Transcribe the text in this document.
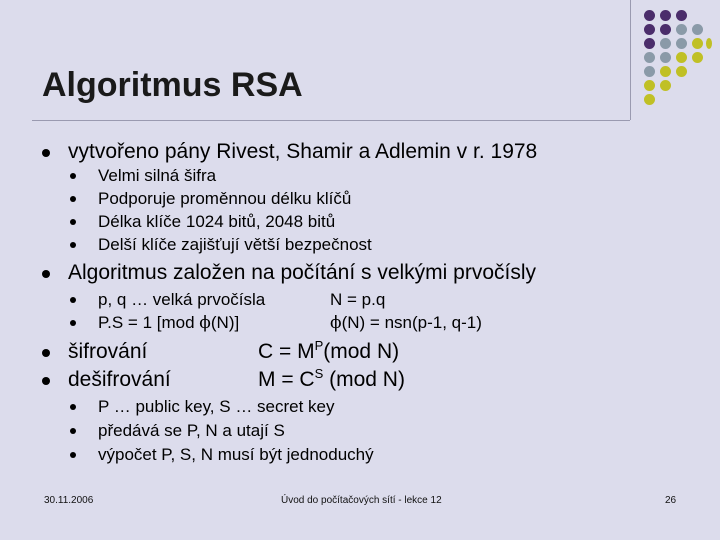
Algoritmus RSA
vytvořeno pány Rivest, Shamir a Adlemin v r. 1978
Velmi silná šifra
Podporuje proměnnou délku klíčů
Délka klíče 1024 bitů, 2048 bitů
Delší klíče zajišťují větší bezpečnost
Algoritmus založen na počítání s velkými prvočísly
p, q … velká prvočísla	N = p.q
P.S = 1 [mod ϕ(N)]	ϕ(N) = nsn(p-1, q-1)
šifrování	$C = M^P(mod$ N)
dešifrování	$M = C^S$ (mod N)
P … public key, S … secret key
předává se P, N a utají S
výpočet P, S, N musí být jednoduchý
30.11.2006	Úvod do počítačových sítí - lekce 12	26
